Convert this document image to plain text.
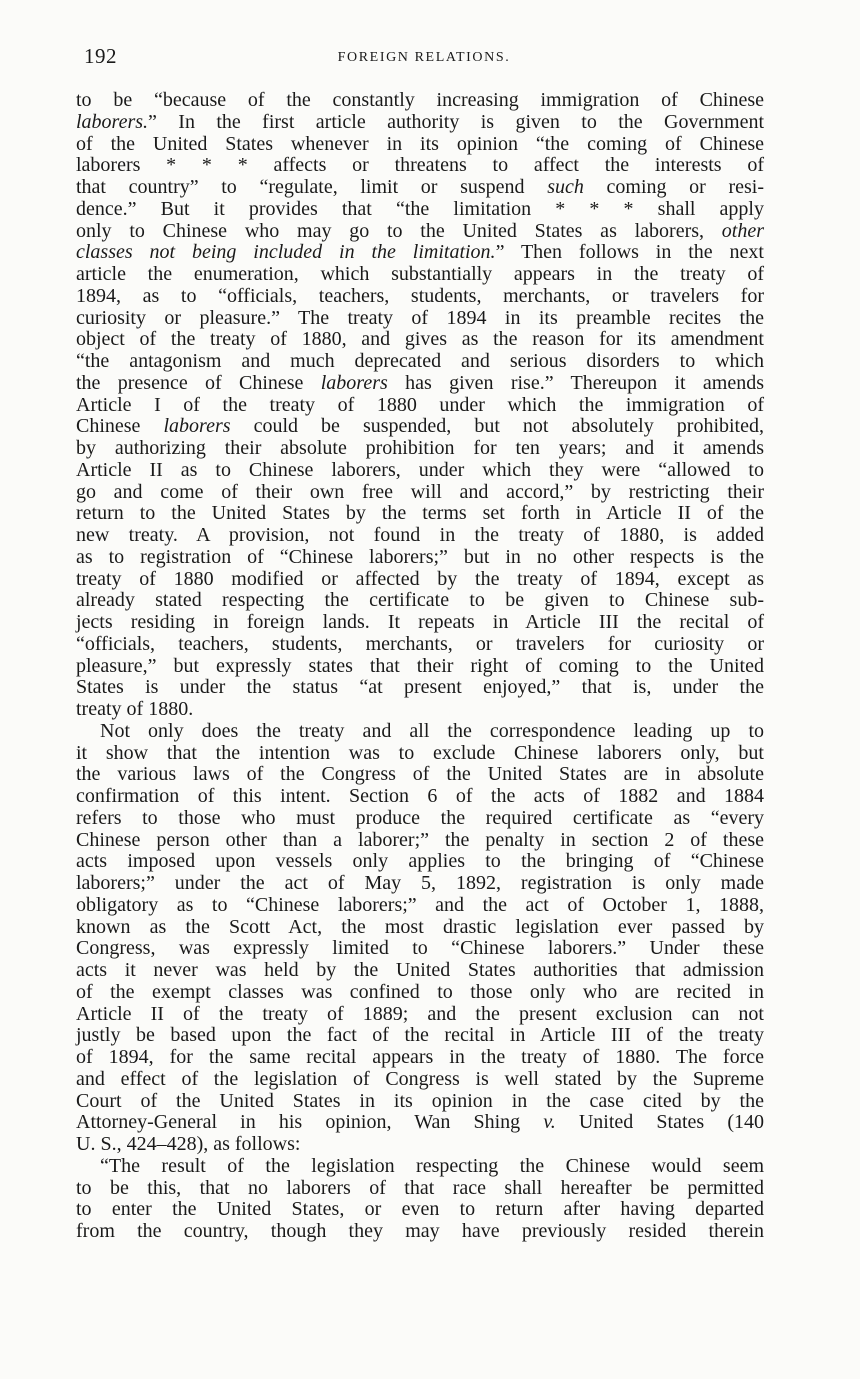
192	FOREIGN RELATIONS.
to be “because of the constantly increasing immigration of Chinese
laborers.” In the first article authority is given to the Government
of the United States whenever in its opinion “the coming of Chinese
laborers * * * affects or threatens to affect the interests of
that country” to “regulate, limit or suspend such coming or resi-
dence.” But it provides that “the limitation * * * shall apply
only to Chinese who may go to the United States as laborers, other
classes not being included in the limitation.” Then follows in the next
article the enumeration, which substantially appears in the treaty of
1894, as to “officials, teachers, students, merchants, or travelers for
curiosity or pleasure.” The treaty of 1894 in its preamble recites the
object of the treaty of 1880, and gives as the reason for its amendment
“the antagonism and much deprecated and serious disorders to which
the presence of Chinese laborers has given rise.” Thereupon it amends
Article I of the treaty of 1880 under which the immigration of
Chinese laborers could be suspended, but not absolutely prohibited,
by authorizing their absolute prohibition for ten years; and it amends
Article II as to Chinese laborers, under which they were “allowed to
go and come of their own free will and accord,” by restricting their
return to the United States by the terms set forth in Article II of the
new treaty. A provision, not found in the treaty of 1880, is added
as to registration of “Chinese laborers;” but in no other respects is the
treaty of 1880 modified or affected by the treaty of 1894, except as
already stated respecting the certificate to be given to Chinese sub-
jects residing in foreign lands. It repeats in Article III the recital of
“officials, teachers, students, merchants, or travelers for curiosity or
pleasure,” but expressly states that their right of coming to the United
States is under the status “at present enjoyed,” that is, under the
treaty of 1880.
Not only does the treaty and all the correspondence leading up to
it show that the intention was to exclude Chinese laborers only, but
the various laws of the Congress of the United States are in absolute
confirmation of this intent. Section 6 of the acts of 1882 and 1884
refers to those who must produce the required certificate as “every
Chinese person other than a laborer;” the penalty in section 2 of these
acts imposed upon vessels only applies to the bringing of “Chinese
laborers;” under the act of May 5, 1892, registration is only made
obligatory as to “Chinese laborers;” and the act of October 1, 1888,
known as the Scott Act, the most drastic legislation ever passed by
Congress, was expressly limited to “Chinese laborers.” Under these
acts it never was held by the United States authorities that admission
of the exempt classes was confined to those only who are recited in
Article II of the treaty of 1889; and the present exclusion can not
justly be based upon the fact of the recital in Article III of the treaty
of 1894, for the same recital appears in the treaty of 1880. The force
and effect of the legislation of Congress is well stated by the Supreme
Court of the United States in its opinion in the case cited by the
Attorney-General in his opinion, Wan Shing v. United States (140
U. S., 424–428), as follows:
“The result of the legislation respecting the Chinese would seem
to be this, that no laborers of that race shall hereafter be permitted
to enter the United States, or even to return after having departed
from the country, though they may have previously resided therein
